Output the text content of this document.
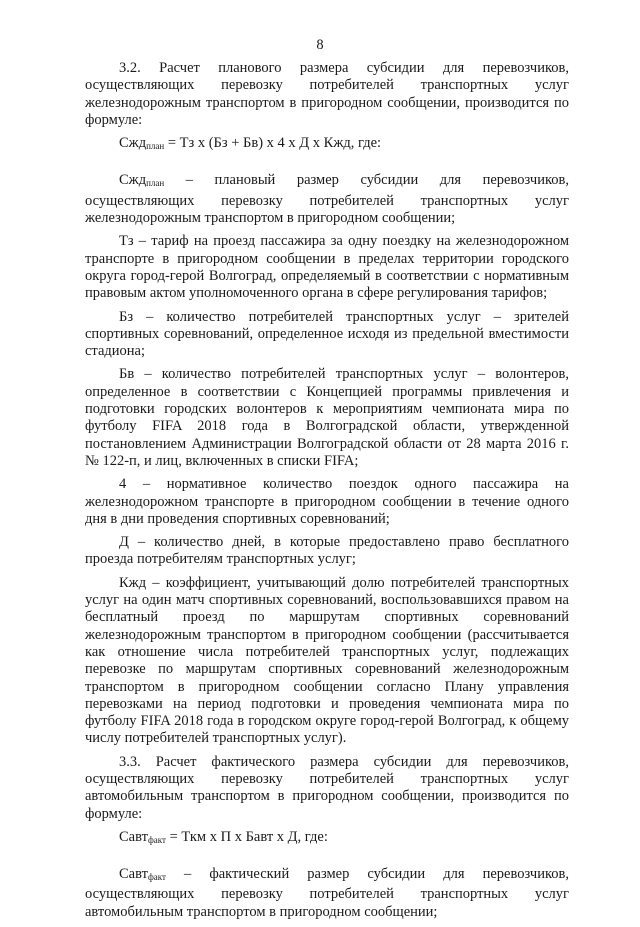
8

3.2. Расчет планового размера субсидии для перевозчиков, осуществляющих перевозку потребителей транспортных услуг железнодорожным транспортом в пригородном сообщении, производится по формуле:

Сжд$_{план}$ = Тз х (Бз + Бв) х 4 х Д х Кжд, где:

Сжд$_{план}$ – плановый размер субсидии для перевозчиков, осуществляющих перевозку потребителей транспортных услуг железнодорожным транспортом в пригородном сообщении;

Тз – тариф на проезд пассажира за одну поездку на железнодорожном транспорте в пригородном сообщении в пределах территории городского округа город-герой Волгоград, определяемый в соответствии с нормативным правовым актом уполномоченного органа в сфере регулирования тарифов;

Бз – количество потребителей транспортных услуг – зрителей спортивных соревнований, определенное исходя из предельной вместимости стадиона;

Бв – количество потребителей транспортных услуг – волонтеров, определенное в соответствии с Концепцией программы привлечения и подготовки городских волонтеров к мероприятиям чемпионата мира по футболу FIFA 2018 года в Волгоградской области, утвержденной постановлением Администрации Волгоградской области от 28 марта 2016 г. № 122-п, и лиц, включенных в списки FIFA;

4 – нормативное количество поездок одного пассажира на железнодорожном транспорте в пригородном сообщении в течение одного дня в дни проведения спортивных соревнований;

Д – количество дней, в которые предоставлено право бесплатного проезда потребителям транспортных услуг;

Кжд – коэффициент, учитывающий долю потребителей транспортных услуг на один матч спортивных соревнований, воспользовавшихся правом на бесплатный проезд по маршрутам спортивных соревнований железнодорожным транспортом в пригородном сообщении (рассчитывается как отношение числа потребителей транспортных услуг, подлежащих перевозке по маршрутам спортивных соревнований железнодорожным транспортом в пригородном сообщении согласно Плану управления перевозками на период подготовки и проведения чемпионата мира по футболу FIFA 2018 года в городском округе город-герой Волгоград, к общему числу потребителей транспортных услуг).

3.3. Расчет фактического размера субсидии для перевозчиков, осуществляющих перевозку потребителей транспортных услуг автомобильным транспортом в пригородном сообщении, производится по формуле:

Савт$_{факт}$ = Ткм х П х Бавт х Д, где:

Савт$_{факт}$ – фактический размер субсидии для перевозчиков, осуществляющих перевозку потребителей транспортных услуг автомобильным транспортом в пригородном сообщении;
